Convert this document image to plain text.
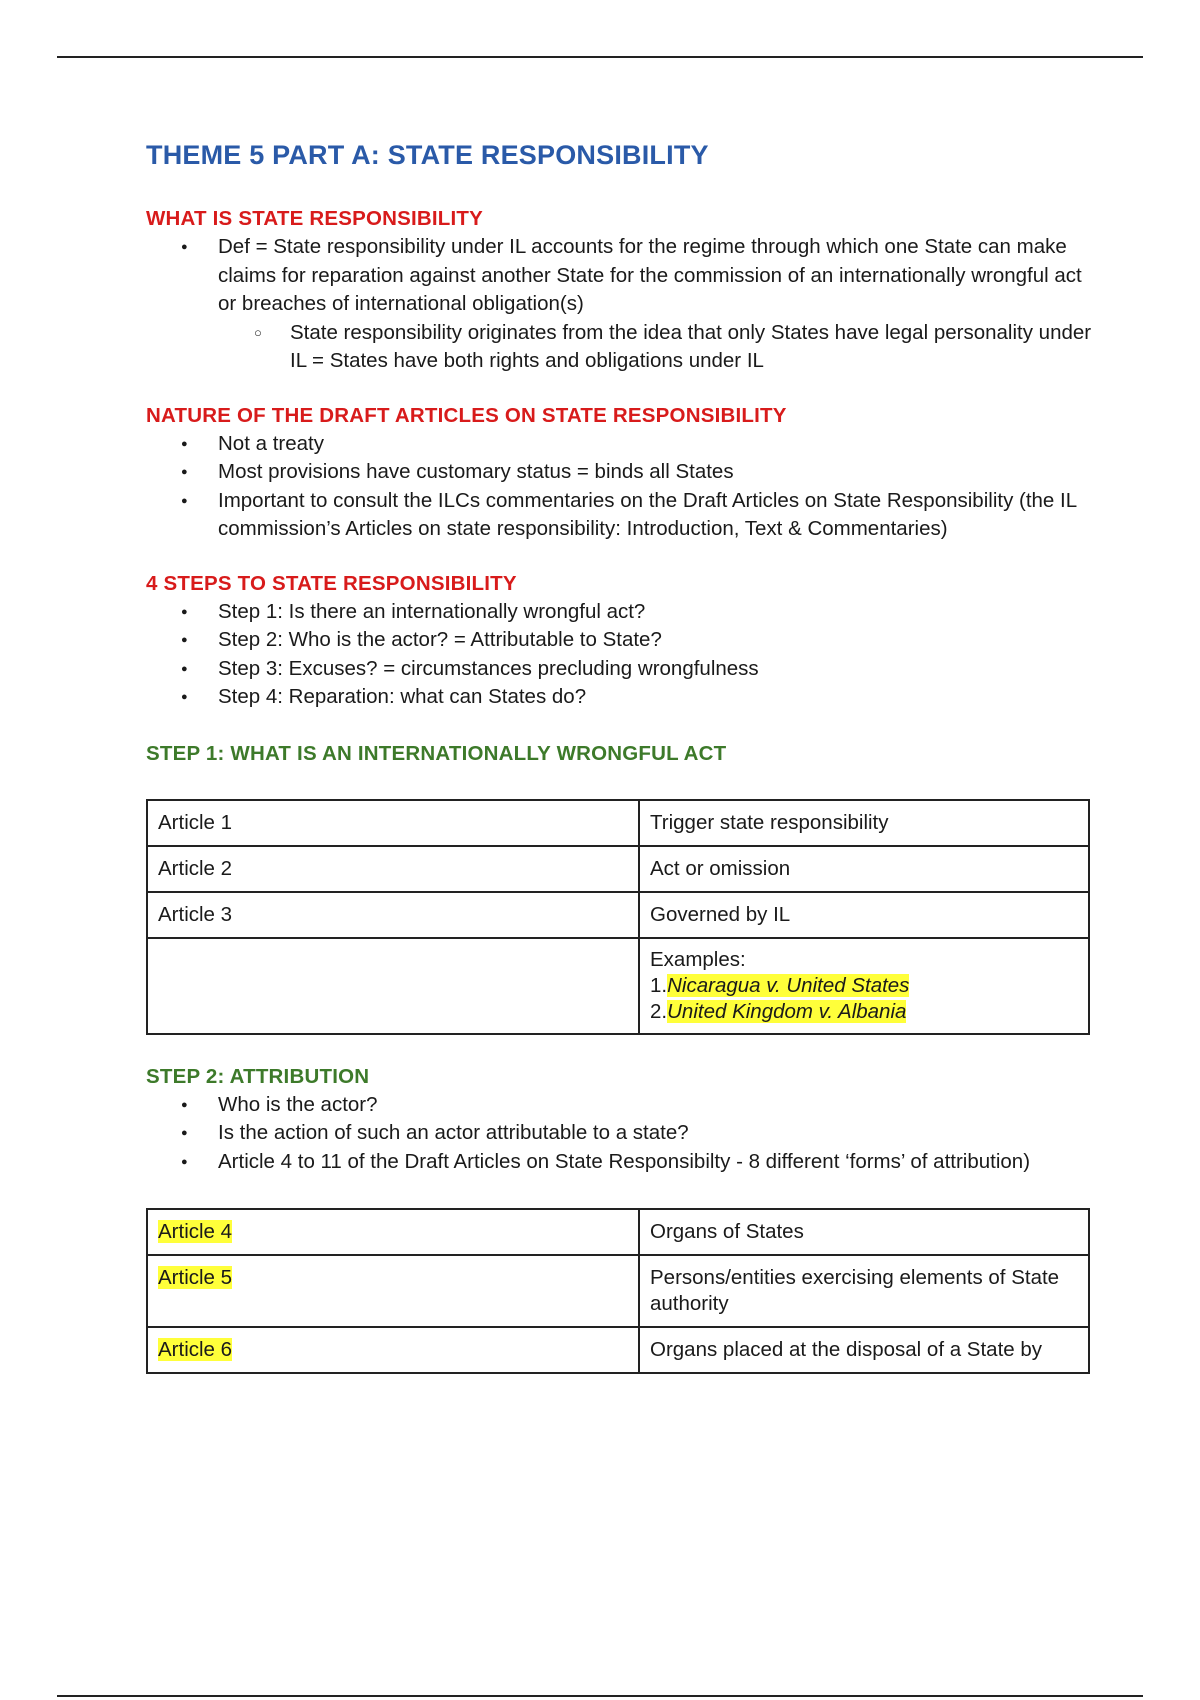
THEME 5 PART A: STATE RESPONSIBILITY
WHAT IS STATE RESPONSIBILITY
● Def = State responsibility under IL accounts for the regime through which one State can make claims for reparation against another State for the commission of an internationally wrongful act or breaches of international obligation(s)
○ State responsibility originates from the idea that only States have legal personality under IL = States have both rights and obligations under IL
NATURE OF THE DRAFT ARTICLES ON STATE RESPONSIBILITY
● Not a treaty
● Most provisions have customary status = binds all States
● Important to consult the ILCs commentaries on the Draft Articles on State Responsibility (the IL commission’s Articles on state responsibility: Introduction, Text & Commentaries)
4 STEPS TO STATE RESPONSIBILITY
● Step 1: Is there an internationally wrongful act?
● Step 2: Who is the actor? = Attributable to State?
● Step 3: Excuses? = circumstances precluding wrongfulness
● Step 4: Reparation: what can States do?
STEP 1: WHAT IS AN INTERNATIONALLY WRONGFUL ACT
Article 1	Trigger state responsibility
Article 2	Act or omission
Article 3	Governed by IL

	Examples:
1.Nicaragua v. United States
2.United Kingdom v. Albania
STEP 2: ATTRIBUTION
● Who is the actor?
● Is the action of such an actor attributable to a state?
● Article 4 to 11 of the Draft Articles on State Responsibilty - 8 different ‘forms’ of attribution)
Article 4	Organs of States
Article 5	Persons/entities exercising elements of State authority
Article 6	Organs placed at the disposal of a State by
